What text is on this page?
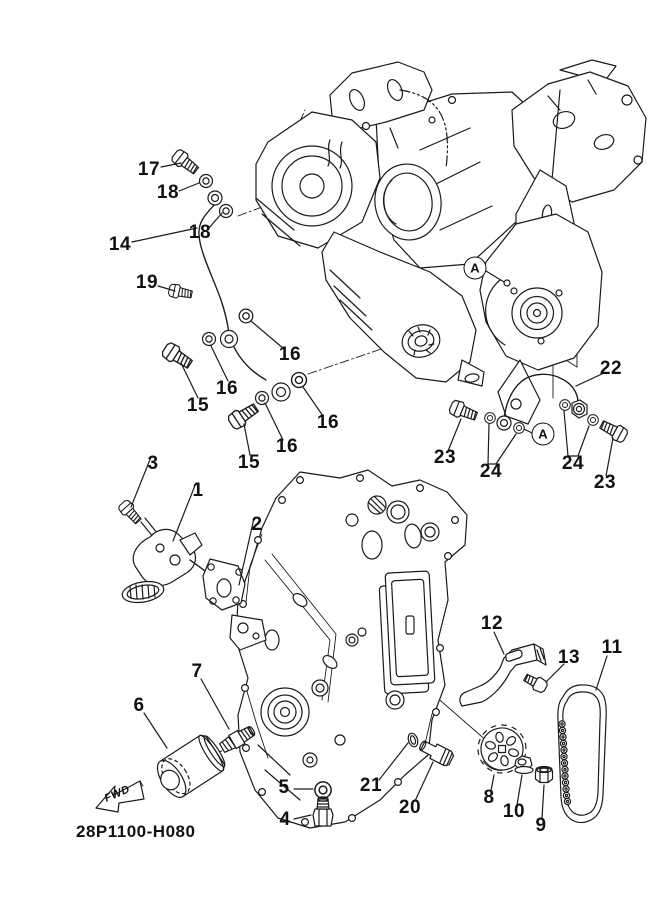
17
18
18
14
19
16
16
15
16
16
15
3
1
2
22
23
24	24
23
12
13 11
7
6
21
20	8
10
9
5
4
A
A
28P1100-H080
FWD
